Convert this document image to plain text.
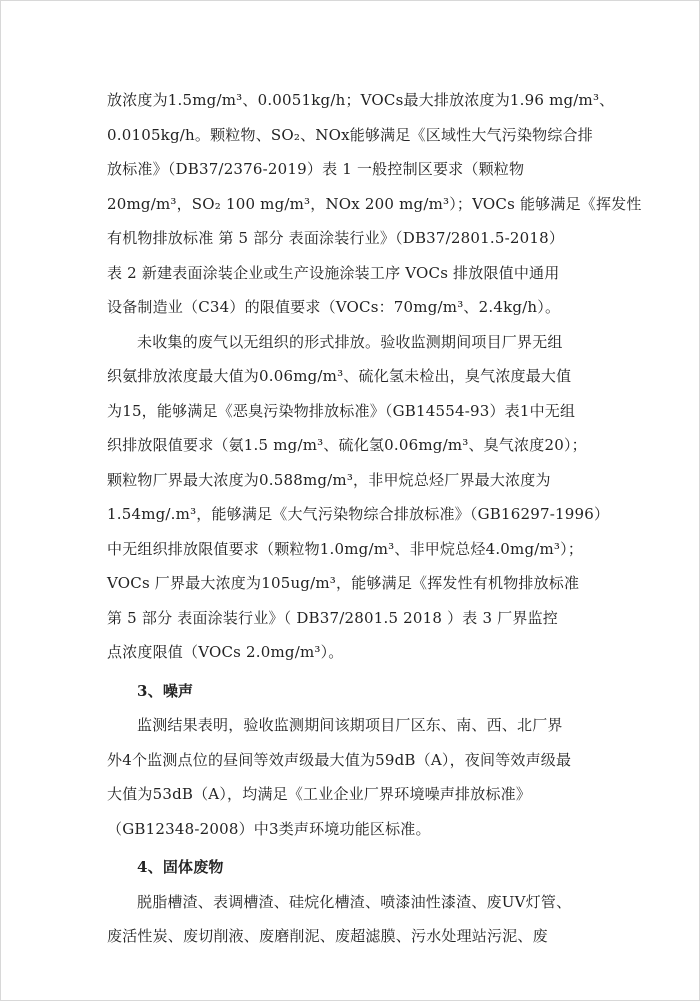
放浓度为1.5mg/m³、0.0051kg/h；VOCs最大排放浓度为1.96 mg/m³、
0.0105kg/h。颗粒物、SO₂、NOx能够满足《区域性大气污染物综合排
放标准》（DB37/2376-2019）表 1 一般控制区要求（颗粒物
20mg/m³，SO₂ 100 mg/m³，NOx 200 mg/m³）；VOCs 能够满足《挥发性
有机物排放标准 第 5 部分 表面涂装行业》（DB37/2801.5-2018）
表 2 新建表面涂装企业或生产设施涂装工序 VOCs 排放限值中通用
设备制造业（C34）的限值要求（VOCs：70mg/m³、2.4kg/h）。
未收集的废气以无组织的形式排放。验收监测期间项目厂界无组
织氨排放浓度最大值为0.06mg/m³、硫化氢未检出，臭气浓度最大值
为15，能够满足《恶臭污染物排放标准》（GB14554-93）表1中无组
织排放限值要求（氨1.5 mg/m³、硫化氢0.06mg/m³、臭气浓度20）；
颗粒物厂界最大浓度为0.588mg/m³，非甲烷总烃厂界最大浓度为
1.54mg/.m³，能够满足《大气污染物综合排放标准》（GB16297-1996）
中无组织排放限值要求（颗粒物1.0mg/m³、非甲烷总烃4.0mg/m³）；
VOCs 厂界最大浓度为105ug/m³，能够满足《挥发性有机物排放标准
第 5 部分 表面涂装行业》（ DB37/2801.5 2018 ）表 3 厂界监控
点浓度限值（VOCs 2.0mg/m³）。
3、噪声
监测结果表明，验收监测期间该期项目厂区东、南、西、北厂界
外4个监测点位的昼间等效声级最大值为59dB（A），夜间等效声级最
大值为53dB（A），均满足《工业企业厂界环境噪声排放标准》
（GB12348-2008）中3类声环境功能区标准。
4、固体废物
脱脂槽渣、表调槽渣、硅烷化槽渣、喷漆油性漆渣、废UV灯管、
废活性炭、废切削液、废磨削泥、废超滤膜、污水处理站污泥、废
